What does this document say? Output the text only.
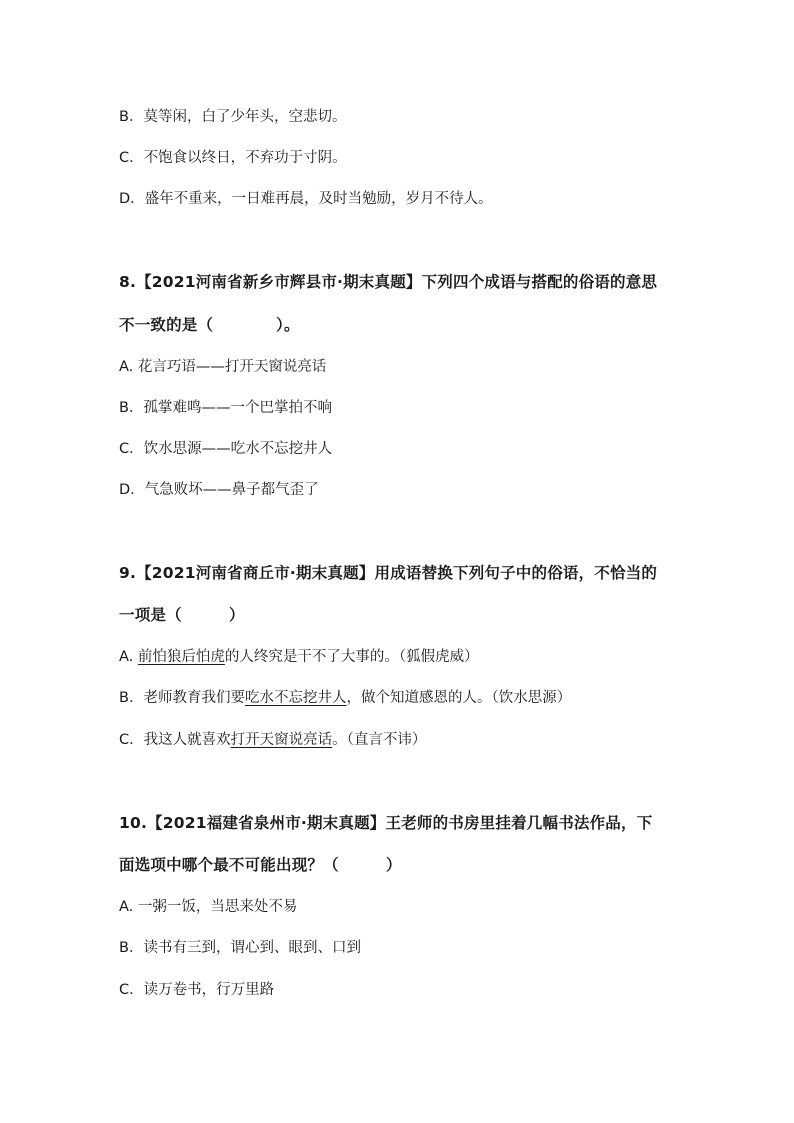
B．莫等闲，白了少年头，空悲切。
C．不饱食以终日，不弃功于寸阴。
D．盛年不重来，一日难再晨，及时当勉励，岁月不待人。
8.【2021河南省新乡市辉县市·期末真题】下列四个成语与搭配的俗语的意思
不一致的是（　　　　）。
A. 花言巧语——打开天窗说亮话
B．孤掌难鸣——一个巴掌拍不响
C．饮水思源——吃水不忘挖井人
D．气急败坏——鼻子都气歪了
9.【2021河南省商丘市·期末真题】用成语替换下列句子中的俗语，不恰当的
一项是（　　　）
A. 前怕狼后怕虎的人终究是干不了大事的。（狐假虎威）
B．老师教育我们要吃水不忘挖井人，做个知道感恩的人。（饮水思源）
C．我这人就喜欢打开天窗说亮话。（直言不讳）
10.【2021福建省泉州市·期末真题】王老师的书房里挂着几幅书法作品，下
面选项中哪个最不可能出现？（　　　）
A. 一粥一饭，当思来处不易
B．读书有三到，谓心到、眼到、口到
C．读万卷书，行万里路
